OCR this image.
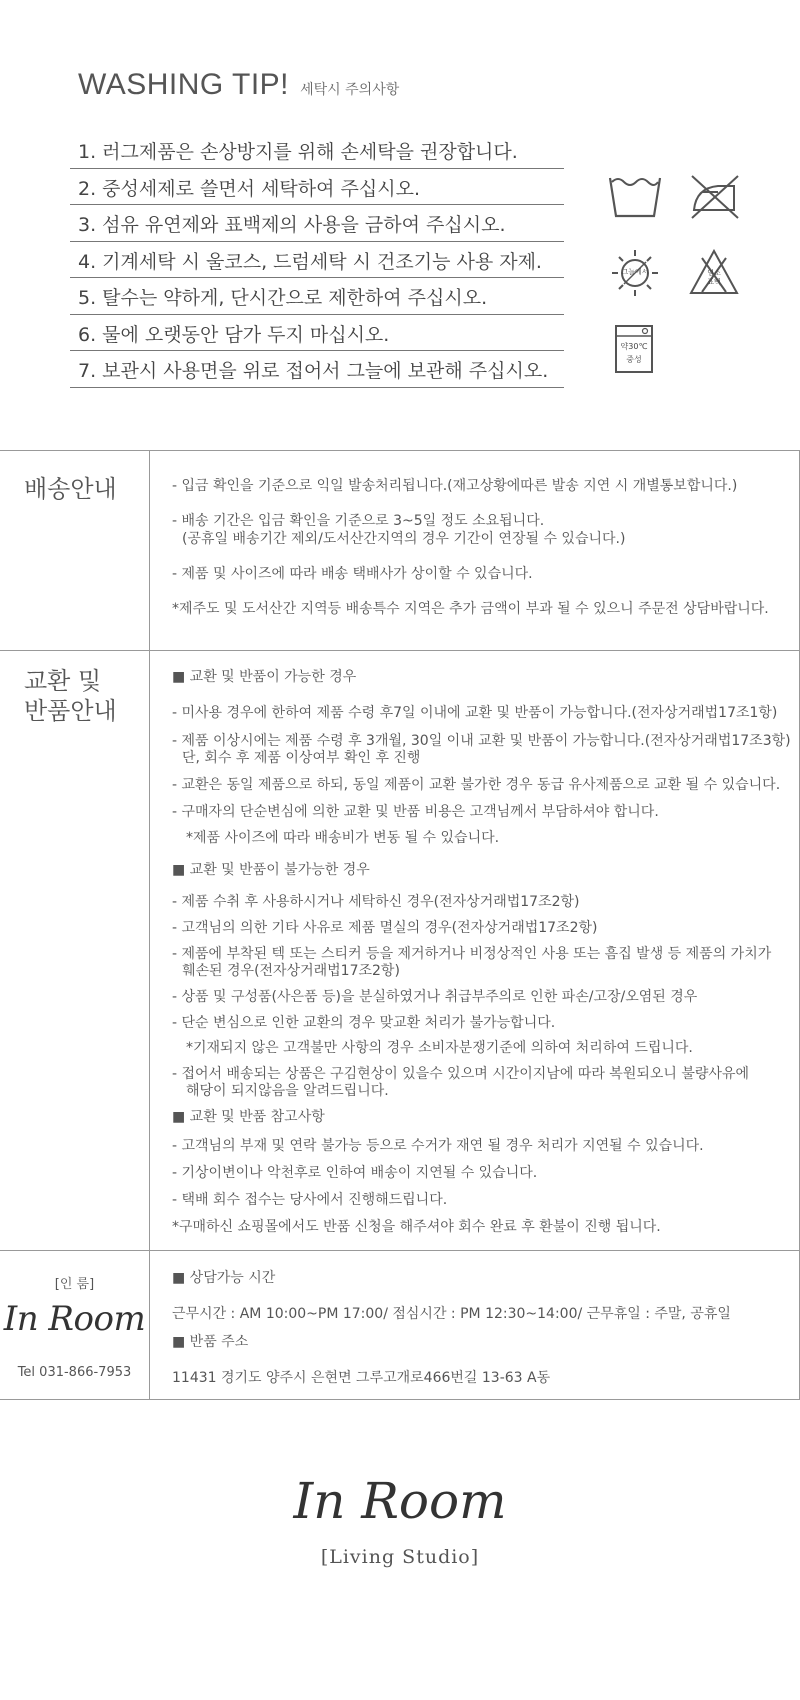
WASHING TIP! 세탁시 주의사항
1. 러그제품은 손상방지를 위해 손세탁을 권장합니다.
2. 중성세제로 쓸면서 세탁하여 주십시오.
3. 섬유 유연제와 표백제의 사용을 금하여 주십시오.
4. 기계세탁 시 울코스, 드럼세탁 시 건조기능 사용 자제.
5. 탈수는 약하게, 단시간으로 제한하여 주십시오.
6. 물에 오랫동안 담가 두지 마십시오.
7. 보관시 사용면을 위로 접어서 그늘에 보관해 주십시오.
그늘에서	염소
표백
약30℃
중성
배송안내	- 입금 확인을 기준으로 익일 발송처리됩니다.(재고상황에따른 발송 지연 시 개별통보합니다.)
- 배송 기간은 입금 확인을 기준으로 3~5일 정도 소요됩니다.
(공휴일 배송기간 제외/도서산간지역의 경우 기간이 연장될 수 있습니다.)
- 제품 및 사이즈에 따라 배송 택배사가 상이할 수 있습니다.
*제주도 및 도서산간 지역등 배송특수 지역은 추가 금액이 부과 될 수 있으니 주문전 상담바랍니다.
교환 및
반품안내
■ 교환 및 반품이 가능한 경우
- 미사용 경우에 한하여 제품 수령 후7일 이내에 교환 및 반품이 가능합니다.(전자상거래법17조1항)
- 제품 이상시에는 제품 수령 후 3개월, 30일 이내 교환 및 반품이 가능합니다.(전자상거래법17조3항)
단, 회수 후 제품 이상여부 확인 후 진행
- 교환은 동일 제품으로 하되, 동일 제품이 교환 불가한 경우 동급 유사제품으로 교환 될 수 있습니다.
- 구매자의 단순변심에 의한 교환 및 반품 비용은 고객님께서 부담하셔야 합니다.
*제품 사이즈에 따라 배송비가 변동 될 수 있습니다.
■ 교환 및 반품이 불가능한 경우
- 제품 수취 후 사용하시거나 세탁하신 경우(전자상거래법17조2항)
- 고객님의 의한 기타 사유로 제품 멸실의 경우(전자상거래법17조2항)
- 제품에 부착된 텍 또는 스티커 등을 제거하거나 비정상적인 사용 또는 흠집 발생 등 제품의 가치가
훼손된 경우(전자상거래법17조2항)
- 상품 및 구성품(사은품 등)을 분실하였거나 취급부주의로 인한 파손/고장/오염된 경우
- 단순 변심으로 인한 교환의 경우 맞교환 처리가 불가능합니다.
*기재되지 않은 고객불만 사항의 경우 소비자분쟁기준에 의하여 처리하여 드립니다.
- 접어서 배송되는 상품은 구김현상이 있을수 있으며 시간이지남에 따라 복원되오니 불량사유에
해당이 되지않음을 알려드립니다.
■ 교환 및 반품 참고사항
- 고객님의 부재 및 연락 불가능 등으로 수거가 재연 될 경우 처리가 지연될 수 있습니다.
- 기상이변이나 악천후로 인하여 배송이 지연될 수 있습니다.
- 택배 회수 접수는 당사에서 진행해드립니다.
*구매하신 쇼핑몰에서도 반품 신청을 해주셔야 회수 완료 후 환불이 진행 됩니다.
[인 룸]
In Room
Tel 031-866-7953
■ 상담가능 시간
근무시간 : AM 10:00~PM 17:00/ 점심시간 : PM 12:30~14:00/ 근무휴일 : 주말, 공휴일
■ 반품 주소
11431 경기도 양주시 은현면 그루고개로466번길 13-63 A동
In Room
[Living Studio]
